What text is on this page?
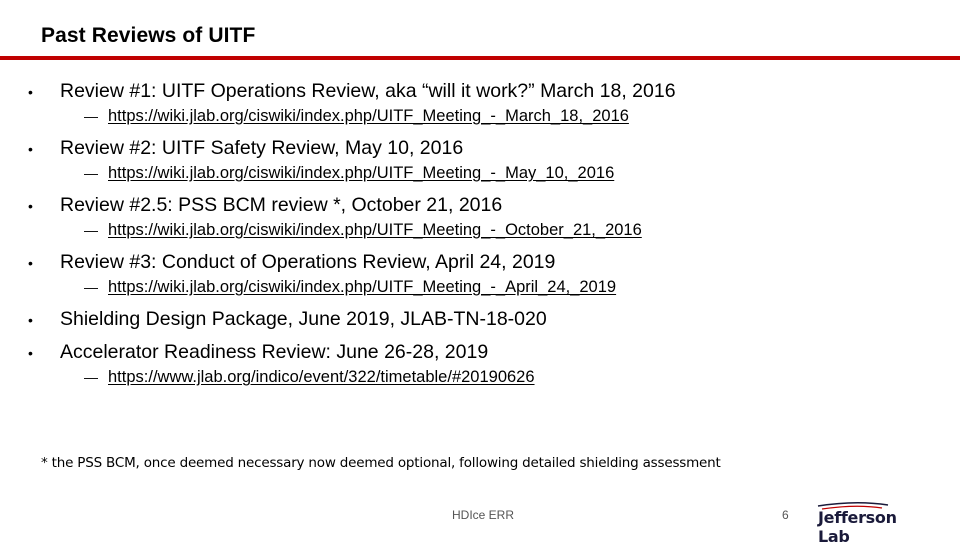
Past Reviews of UITF
•	Review #1: UITF Operations Review, aka “will it work?” March 18, 2016
— https://wiki.jlab.org/ciswiki/index.php/UITF_Meeting_-_March_18,_2016
•	Review #2: UITF Safety Review, May 10, 2016
— https://wiki.jlab.org/ciswiki/index.php/UITF_Meeting_-_May_10,_2016
•	Review #2.5: PSS BCM review *, October 21, 2016
— https://wiki.jlab.org/ciswiki/index.php/UITF_Meeting_-_October_21,_2016
•	Review #3: Conduct of Operations Review, April 24, 2019
— https://wiki.jlab.org/ciswiki/index.php/UITF_Meeting_-_April_24,_2019
•	Shielding Design Package, June 2019, JLAB-TN-18-020
•	Accelerator Readiness Review: June 26-28, 2019
— https://www.jlab.org/indico/event/322/timetable/#20190626
* the PSS BCM, once deemed necessary now deemed optional, following detailed shielding assessment
HDIce ERR	6 Jefferson Lab
